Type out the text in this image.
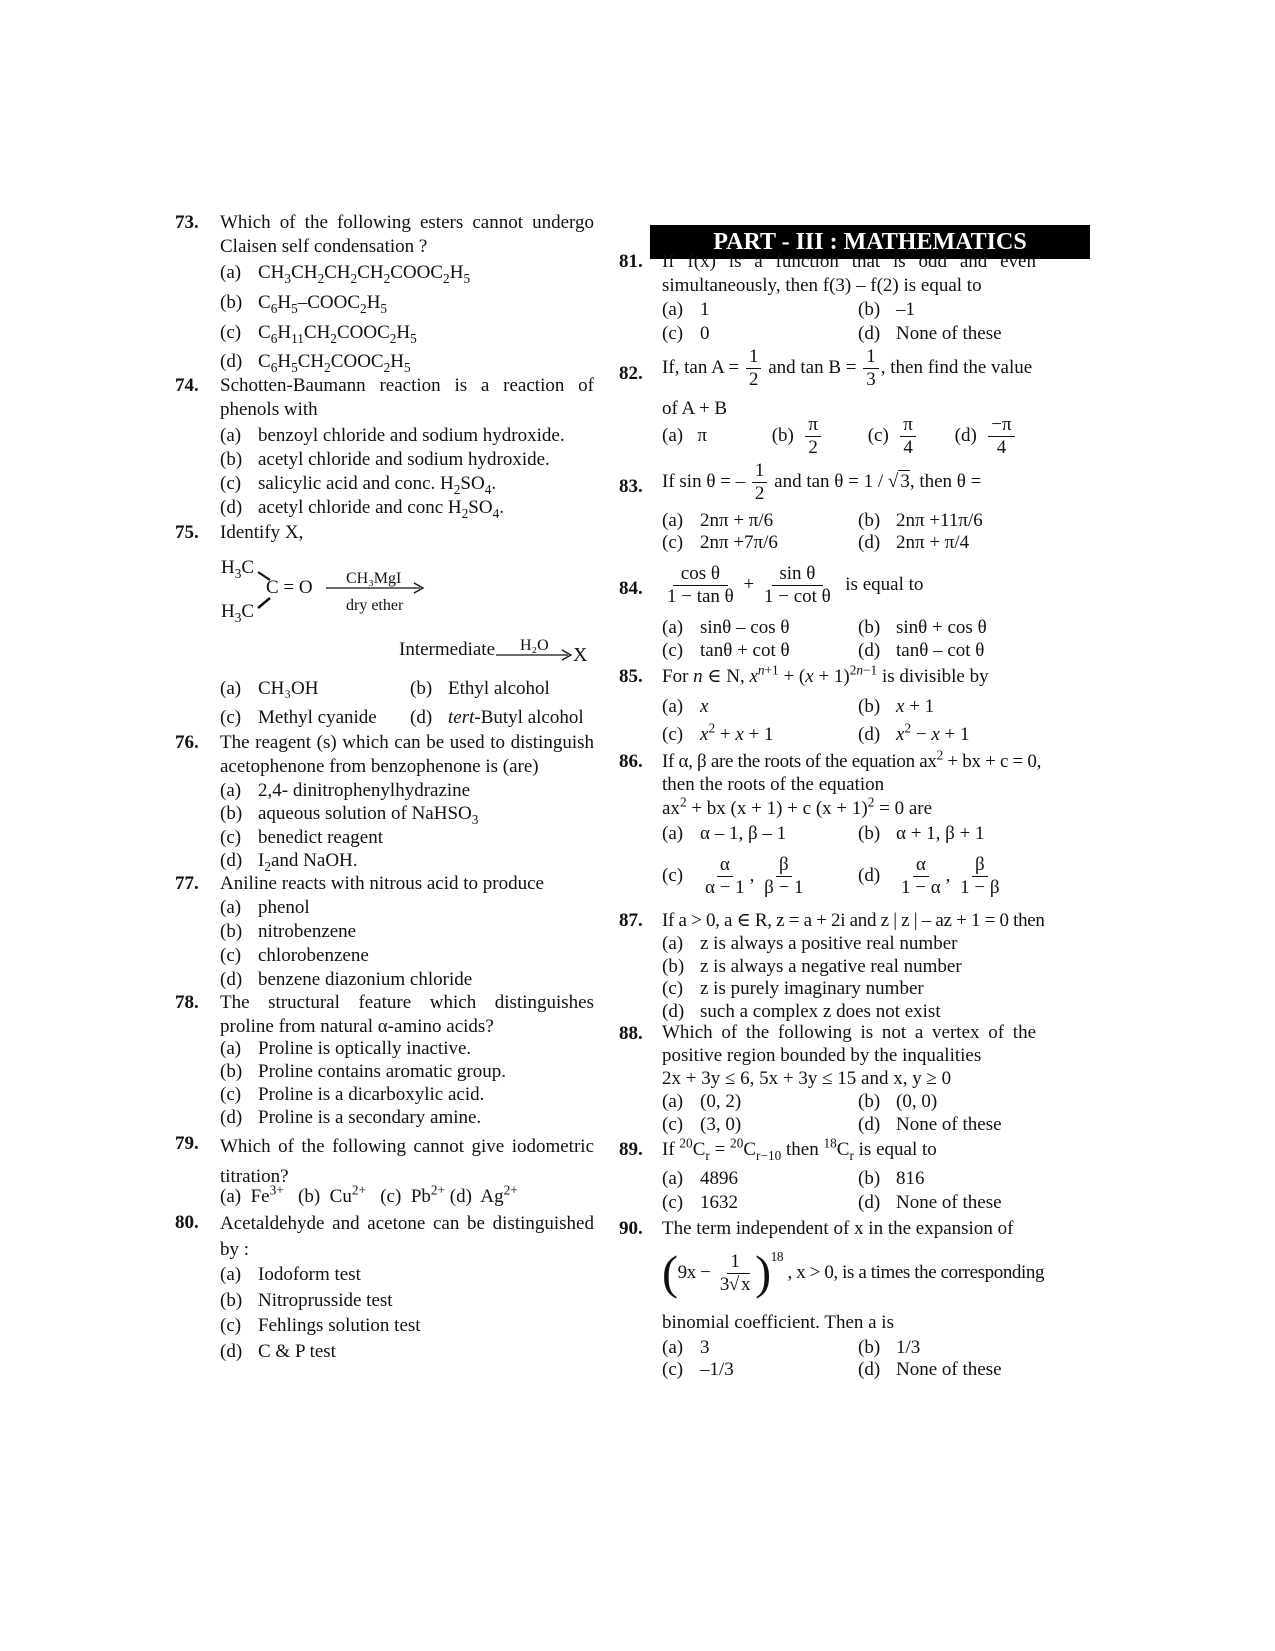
73. Which of the following esters cannot undergo Claisen self condensation ?
(a) $CH_3CH_2CH_2CH_2COOC_2H_5$
(b) $C_6H_5-COOC_2H_5$
(c) $C_6H_{11}CH_2COOC_2H_5$
(d) $C_6H_5CH_2COOC_2H_5$
74. Schotten-Baumann reaction is a reaction of phenols with
(a) benzoyl chloride and sodium hydroxide.
(b) acetyl chloride and sodium hydroxide.
(c) salicylic acid and conc. $H_2SO_4$.
(d) acetyl chloride and conc $H_2SO_4$.
75. Identify X,
$H_3C$
C = O
$H_3C$
CH₃MgI
dry ether
Intermediate H₂O X
(a) CH₃OH	(b) Ethyl alcohol
(c) Methyl cyanide (d) tert-Butyl alcohol
76. The reagent (s) which can be used to distinguish acetophenone from benzophenone is (are)
(a) 2,4- dinitrophenylhydrazine
(b) aqueous solution of NaHSO$_3$
(c) benedict reagent
(d) $I_2and$ NaOH.
77. Aniline reacts with nitrous acid to produce
(a) phenol
(b) nitrobenzene
(c) chlorobenzene
(d) benzene diazonium chloride
78. The structural feature which distinguishes proline from natural α-amino acids?
(a) Proline is optically inactive.
(b) Proline contains aromatic group.
(c) Proline is a dicarboxylic acid.
(d) Proline is a secondary amine.
79. Which of the following cannot give iodometric titration?
(a)  $Fe^{3+}$   (b)  $Cu^{2+}$   (c)  $Pb^{2+}$ (d)  $Ag^{2+}$
80. Acetaldehyde and acetone can be distinguished by :
(a) Iodoform test
(b) Nitroprusside test
(c) Fehlings solution test
(d) C & P test
PART - III : MATHEMATICS
81. If f(x) is a function that is odd and even simultaneously, then f(3) – f(2) is equal to
(a) 1	(b) –1
(c) 0	(d) None of these
82. If, $\tan A = \frac{1}{2}$ and $\tan B = \frac{1}{3}$ , then find the value
of A + B
(a)   π	$(b) \frac{\pi}{2} (c) \frac{\pi}{4} (d) \frac{-\pi}{4}$
83. If sin θ = – $\frac{1}{2}$ and tan θ = 1 / √ 3, then θ =
(a) 2nπ + π/6	(b) 2nπ +11π/6
(c) 2nπ +7π/6	(d) 2nπ + π/4
84. $\frac{\text{cos θ}}{\text{1 − tan θ}} + \frac{\text{sin θ}}{\text{1 − cot θ}}$ is equal to
(a) sinθ – cos θ	(b) sinθ + cos θ
(c) tanθ + cot θ	(d) tanθ – cot θ
85. For n ∈ N, $x^{n+1} + (x + 1)^{2n-1}$ is divisible by
(a) x	(b) x + 1
(c) $x^2 + x + 1$	(d) $x^2 - x + 1$
86. If α, β are the roots of the equation $ax^2$ + bx + c = 0,
then the roots of the equation
$ax^2$ + bx (x + 1) + c $(x + 1)^2 = 0$ are
(a) α – 1, β – 1	(b) α + 1, β + 1
$(c) \frac{\alpha}{\alpha - 1}$ , $\frac{\beta}{\beta - 1}$	$(d) \frac{\alpha}{1 - \alpha}$ , $\frac{\beta}{1 - \beta}$
87. If a > 0, a ∈ R, z = a + 2i and z | z | – az + 1 = 0 then
(a) z is always a positive real number
(b) z is always a negative real number
(c) z is purely imaginary number
(d) such a complex z does not exist
88. Which of the following is not a vertex of the positive region bounded by the inqualities
2x + 3y ≤ 6, 5x + 3y ≤ 15 and x, y ≥ 0
(a) (0, 2)	(b) (0, 0)
(c) (3, 0)	(d) None of these
89. If $^{20}C_r = ^{20}C_{r-10}$ then $^{18}C_r$ is equal to
(a) 4896	(b) 816
(c) 1632	(d) None of these
90. The term independent of x in the expansion of
$(9x - \frac{1}{3√ x} )^{18}$ , x > 0, is a times the corresponding
binomial coefficient. Then a is
(a) 3	(b) 1/3
(c) –1/3	(d) None of these
